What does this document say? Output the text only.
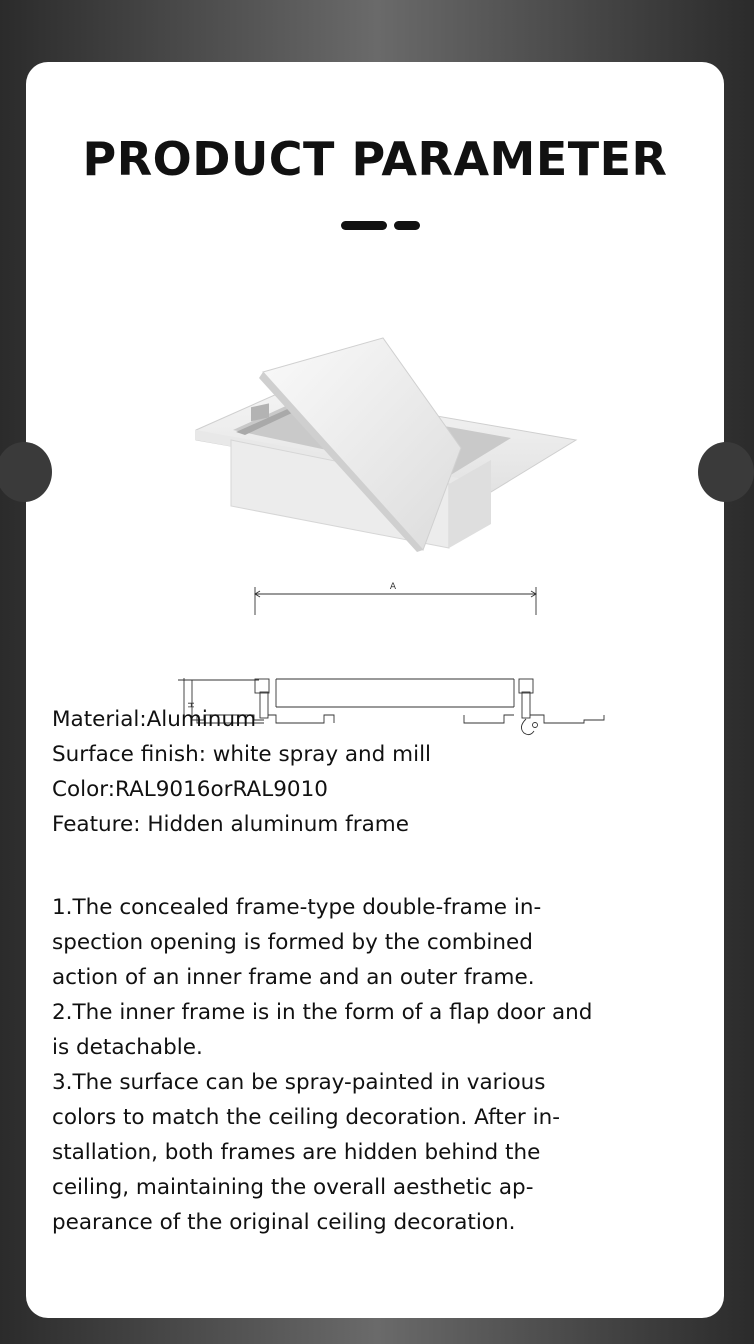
PRODUCT PARAMETER
A
H
Material:Aluminum
Surface finish: white spray and mill
Color:RAL9016orRAL9010
Feature: Hidden aluminum frame
1.The concealed frame-type double-frame in-
spection opening is formed by the combined
action of an inner frame and an outer frame.
2.The inner frame is in the form of a flap door and
is detachable.
3.The surface can be spray-painted in various
colors to match the ceiling decoration. After in-
stallation, both frames are hidden behind the
ceiling, maintaining the overall aesthetic ap-
pearance of the original ceiling decoration.
